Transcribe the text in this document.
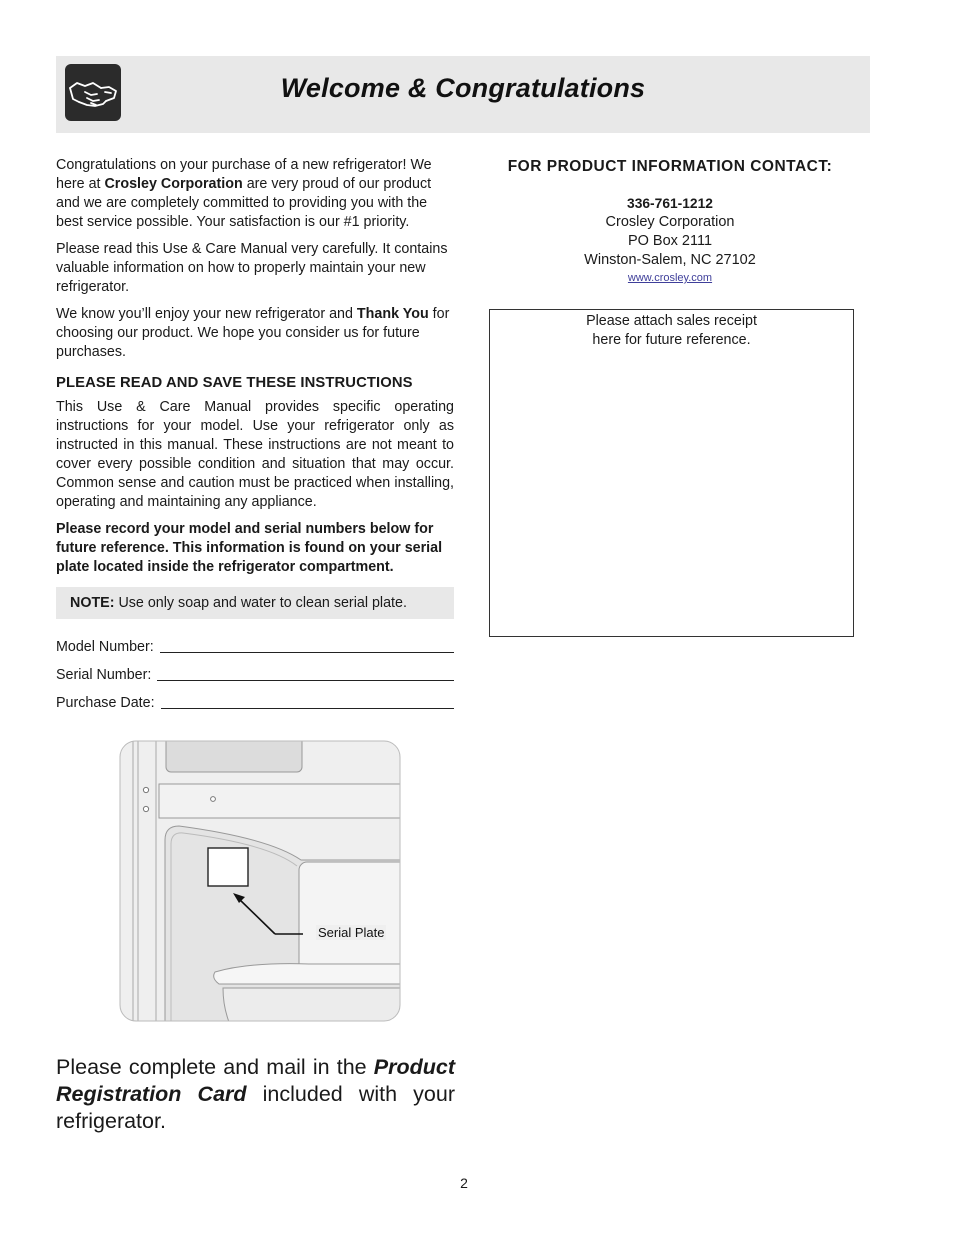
Welcome & Congratulations

Congratulations on your purchase of a new refrigerator! We here at Crosley Corporation are very proud of our product and we are completely committed to providing you with the best service possible. Your satisfaction is our #1 priority.

Please read this Use & Care Manual very carefully. It contains valuable information on how to properly maintain your new refrigerator.

We know you’ll enjoy your new refrigerator and Thank You for choosing our product. We hope you consider us for future purchases.

PLEASE READ AND SAVE THESE INSTRUCTIONS

This Use & Care Manual provides specific operating instructions for your model. Use your refrigerator only as instructed in this manual. These instructions are not meant to cover every possible condition and situation that may occur. Common sense and caution must be practiced when installing, operating and maintaining any appliance.

Please record your model and serial numbers below for future reference. This information is found on your serial plate located inside the refrigerator compartment.

NOTE: Use only soap and water to clean serial plate.
Model Number:
Serial Number:
Purchase Date:
Serial Plate
Please complete and mail in the Product Registration Card included with your refrigerator.
FOR PRODUCT INFORMATION CONTACT:
336-761-1212
Crosley Corporation
PO Box 2111
Winston-Salem, NC 27102
www.crosley.com
Please attach sales receipt
here for future reference.
2
